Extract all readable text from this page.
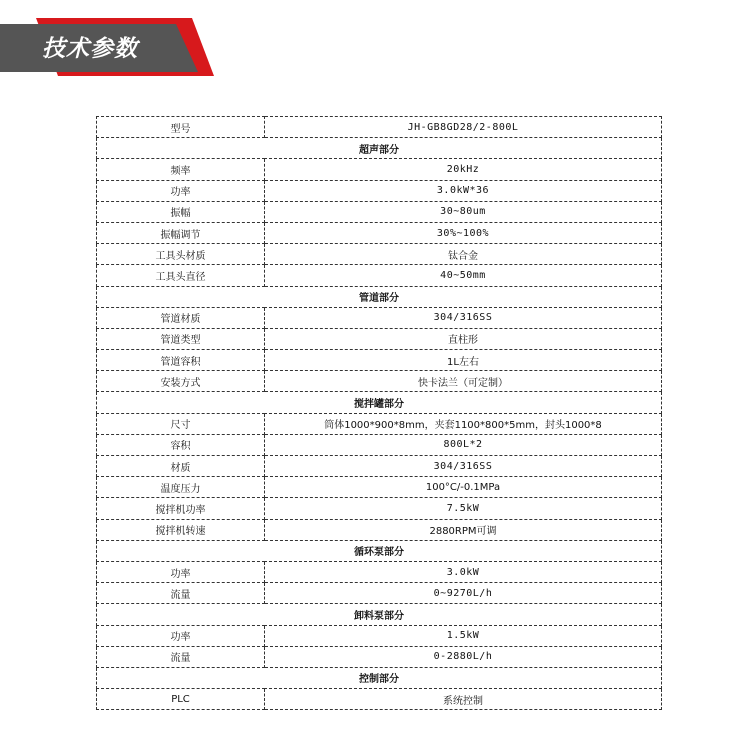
技术参数
型号	JH-GB8GD28/2-800L
超声部分	
频率	20kHz
功率	3.0kW*36
振幅	30~80um
振幅调节	30%~100%
工具头材质	钛合金
工具头直径	40~50mm
管道部分	
管道材质	304/316SS
管道类型	直柱形
管道容积	1L左右
安装方式	快卡法兰（可定制）
搅拌罐部分	
尺寸	筒体1000*900*8mm，夹套1100*800*5mm，封头1000*8
容积	800L*2
材质	304/316SS
温度压力	100°C/-0.1MPa
搅拌机功率	7.5kW
搅拌机转速	2880RPM可调
循环泵部分	
功率	3.0kW
流量	0~9270L/h
卸料泵部分	
功率	1.5kW
流量	0-2880L/h
控制部分	
PLC	系统控制
